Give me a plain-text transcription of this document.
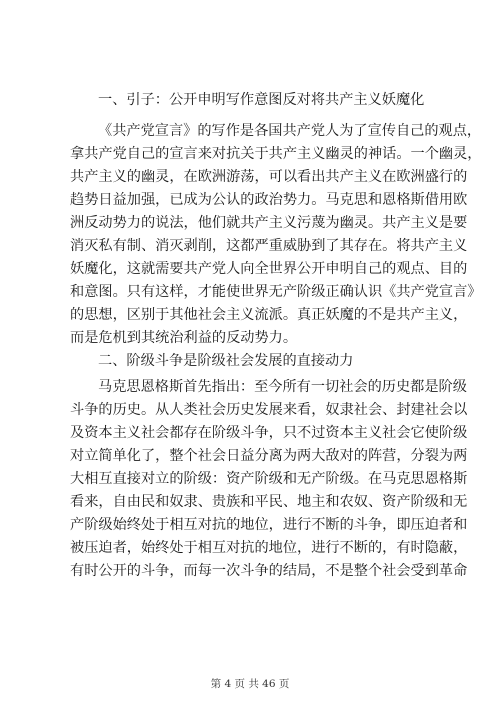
一、引子：公开申明写作意图反对将共产主义妖魔化
《共产党宣言》的写作是各国共产党人为了宣传自己的观点，
拿共产党自己的宣言来对抗关于共产主义幽灵的神话。一个幽灵，
共产主义的幽灵，在欧洲游荡，可以看出共产主义在欧洲盛行的
趋势日益加强，已成为公认的政治势力。马克思和恩格斯借用欧
洲反动势力的说法，他们就共产主义污蔑为幽灵。共产主义是要
消灭私有制、消灭剥削，这都严重威胁到了其存在。将共产主义
妖魔化，这就需要共产党人向全世界公开申明自己的观点、目的
和意图。只有这样，才能使世界无产阶级正确认识《共产党宣言》
的思想，区别于其他社会主义流派。真正妖魔的不是共产主义，
而是危机到其统治利益的反动势力。
二、阶级斗争是阶级社会发展的直接动力
马克思恩格斯首先指出：至今所有一切社会的历史都是阶级
斗争的历史。从人类社会历史发展来看，奴隶社会、封建社会以
及资本主义社会都存在阶级斗争，只不过资本主义社会它使阶级
对立简单化了，整个社会日益分离为两大敌对的阵营，分裂为两
大相互直接对立的阶级：资产阶级和无产阶级。在马克思恩格斯
看来，自由民和奴隶、贵族和平民、地主和农奴、资产阶级和无
产阶级始终处于相互对抗的地位，进行不断的斗争，即压迫者和
被压迫者，始终处于相互对抗的地位，进行不断的，有时隐蔽，
有时公开的斗争，而每一次斗争的结局，不是整个社会受到革命
第 4 页 共 46 页
